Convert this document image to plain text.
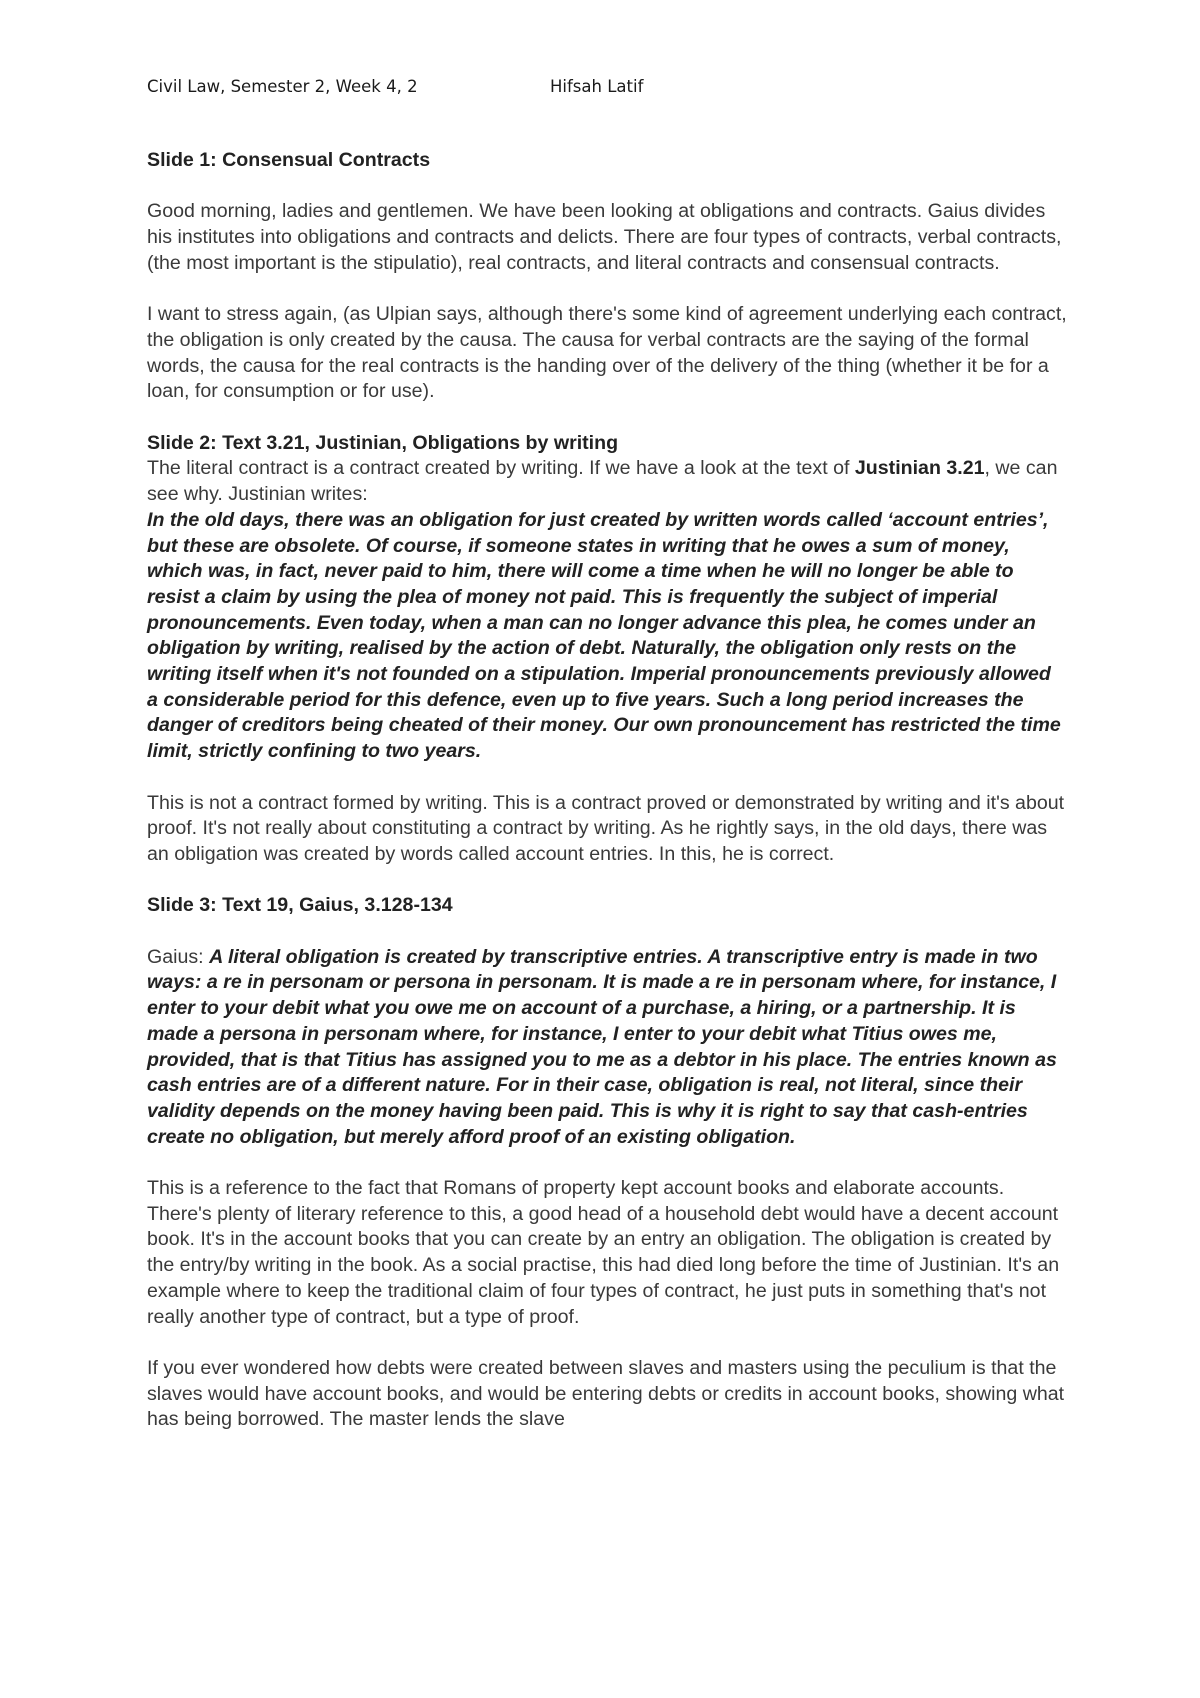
Civil Law, Semester 2, Week 4, 2	Hifsah Latif

Slide 1: Consensual Contracts

Good morning, ladies and gentlemen. We have been looking at obligations and contracts. Gaius divides his institutes into obligations and contracts and delicts. There are four types of contracts, verbal contracts, (the most important is the stipulatio), real contracts, and literal contracts and consensual contracts.

I want to stress again, (as Ulpian says, although there's some kind of agreement underlying each contract, the obligation is only created by the causa. The causa for verbal contracts are the saying of the formal words, the causa for the real contracts is the handing over of the delivery of the thing (whether it be for a loan, for consumption or for use).

Slide 2: Text 3.21, Justinian, Obligations by writing

The literal contract is a contract created by writing. If we have a look at the text of Justinian 3.21, we can see why. Justinian writes:

In the old days, there was an obligation for just created by written words called ‘account entries’, but these are obsolete. Of course, if someone states in writing that he owes a sum of money, which was, in fact, never paid to him, there will come a time when he will no longer be able to resist a claim by using the plea of money not paid. This is frequently the subject of imperial pronouncements. Even today, when a man can no longer advance this plea, he comes under an obligation by writing, realised by the action of debt. Naturally, the obligation only rests on the writing itself when it's not founded on a stipulation. Imperial pronouncements previously allowed a considerable period for this defence, even up to five years. Such a long period increases the danger of creditors being cheated of their money. Our own pronouncement has restricted the time limit, strictly confining to two years.

This is not a contract formed by writing. This is a contract proved or demonstrated by writing and it's about proof. It's not really about constituting a contract by writing. As he rightly says, in the old days, there was an obligation was created by words called account entries. In this, he is correct.

Slide 3: Text 19, Gaius, 3.128-134

Gaius: A literal obligation is created by transcriptive entries. A transcriptive entry is made in two ways: a re in personam or persona in personam. It is made a re in personam where, for instance, I enter to your debit what you owe me on account of a purchase, a hiring, or a partnership. It is made a persona in personam where, for instance, I enter to your debit what Titius owes me, provided, that is that Titius has assigned you to me as a debtor in his place. The entries known as cash entries are of a different nature. For in their case, obligation is real, not literal, since their validity depends on the money having been paid. This is why it is right to say that cash-entries create no obligation, but merely afford proof of an existing obligation.

This is a reference to the fact that Romans of property kept account books and elaborate accounts. There's plenty of literary reference to this, a good head of a household debt would have a decent account book. It's in the account books that you can create by an entry an obligation. The obligation is created by the entry/by writing in the book. As a social practise, this had died long before the time of Justinian. It's an example where to keep the traditional claim of four types of contract, he just puts in something that's not really another type of contract, but a type of proof.

If you ever wondered how debts were created between slaves and masters using the peculium is that the slaves would have account books, and would be entering debts or credits in account books, showing what has being borrowed. The master lends the slave
